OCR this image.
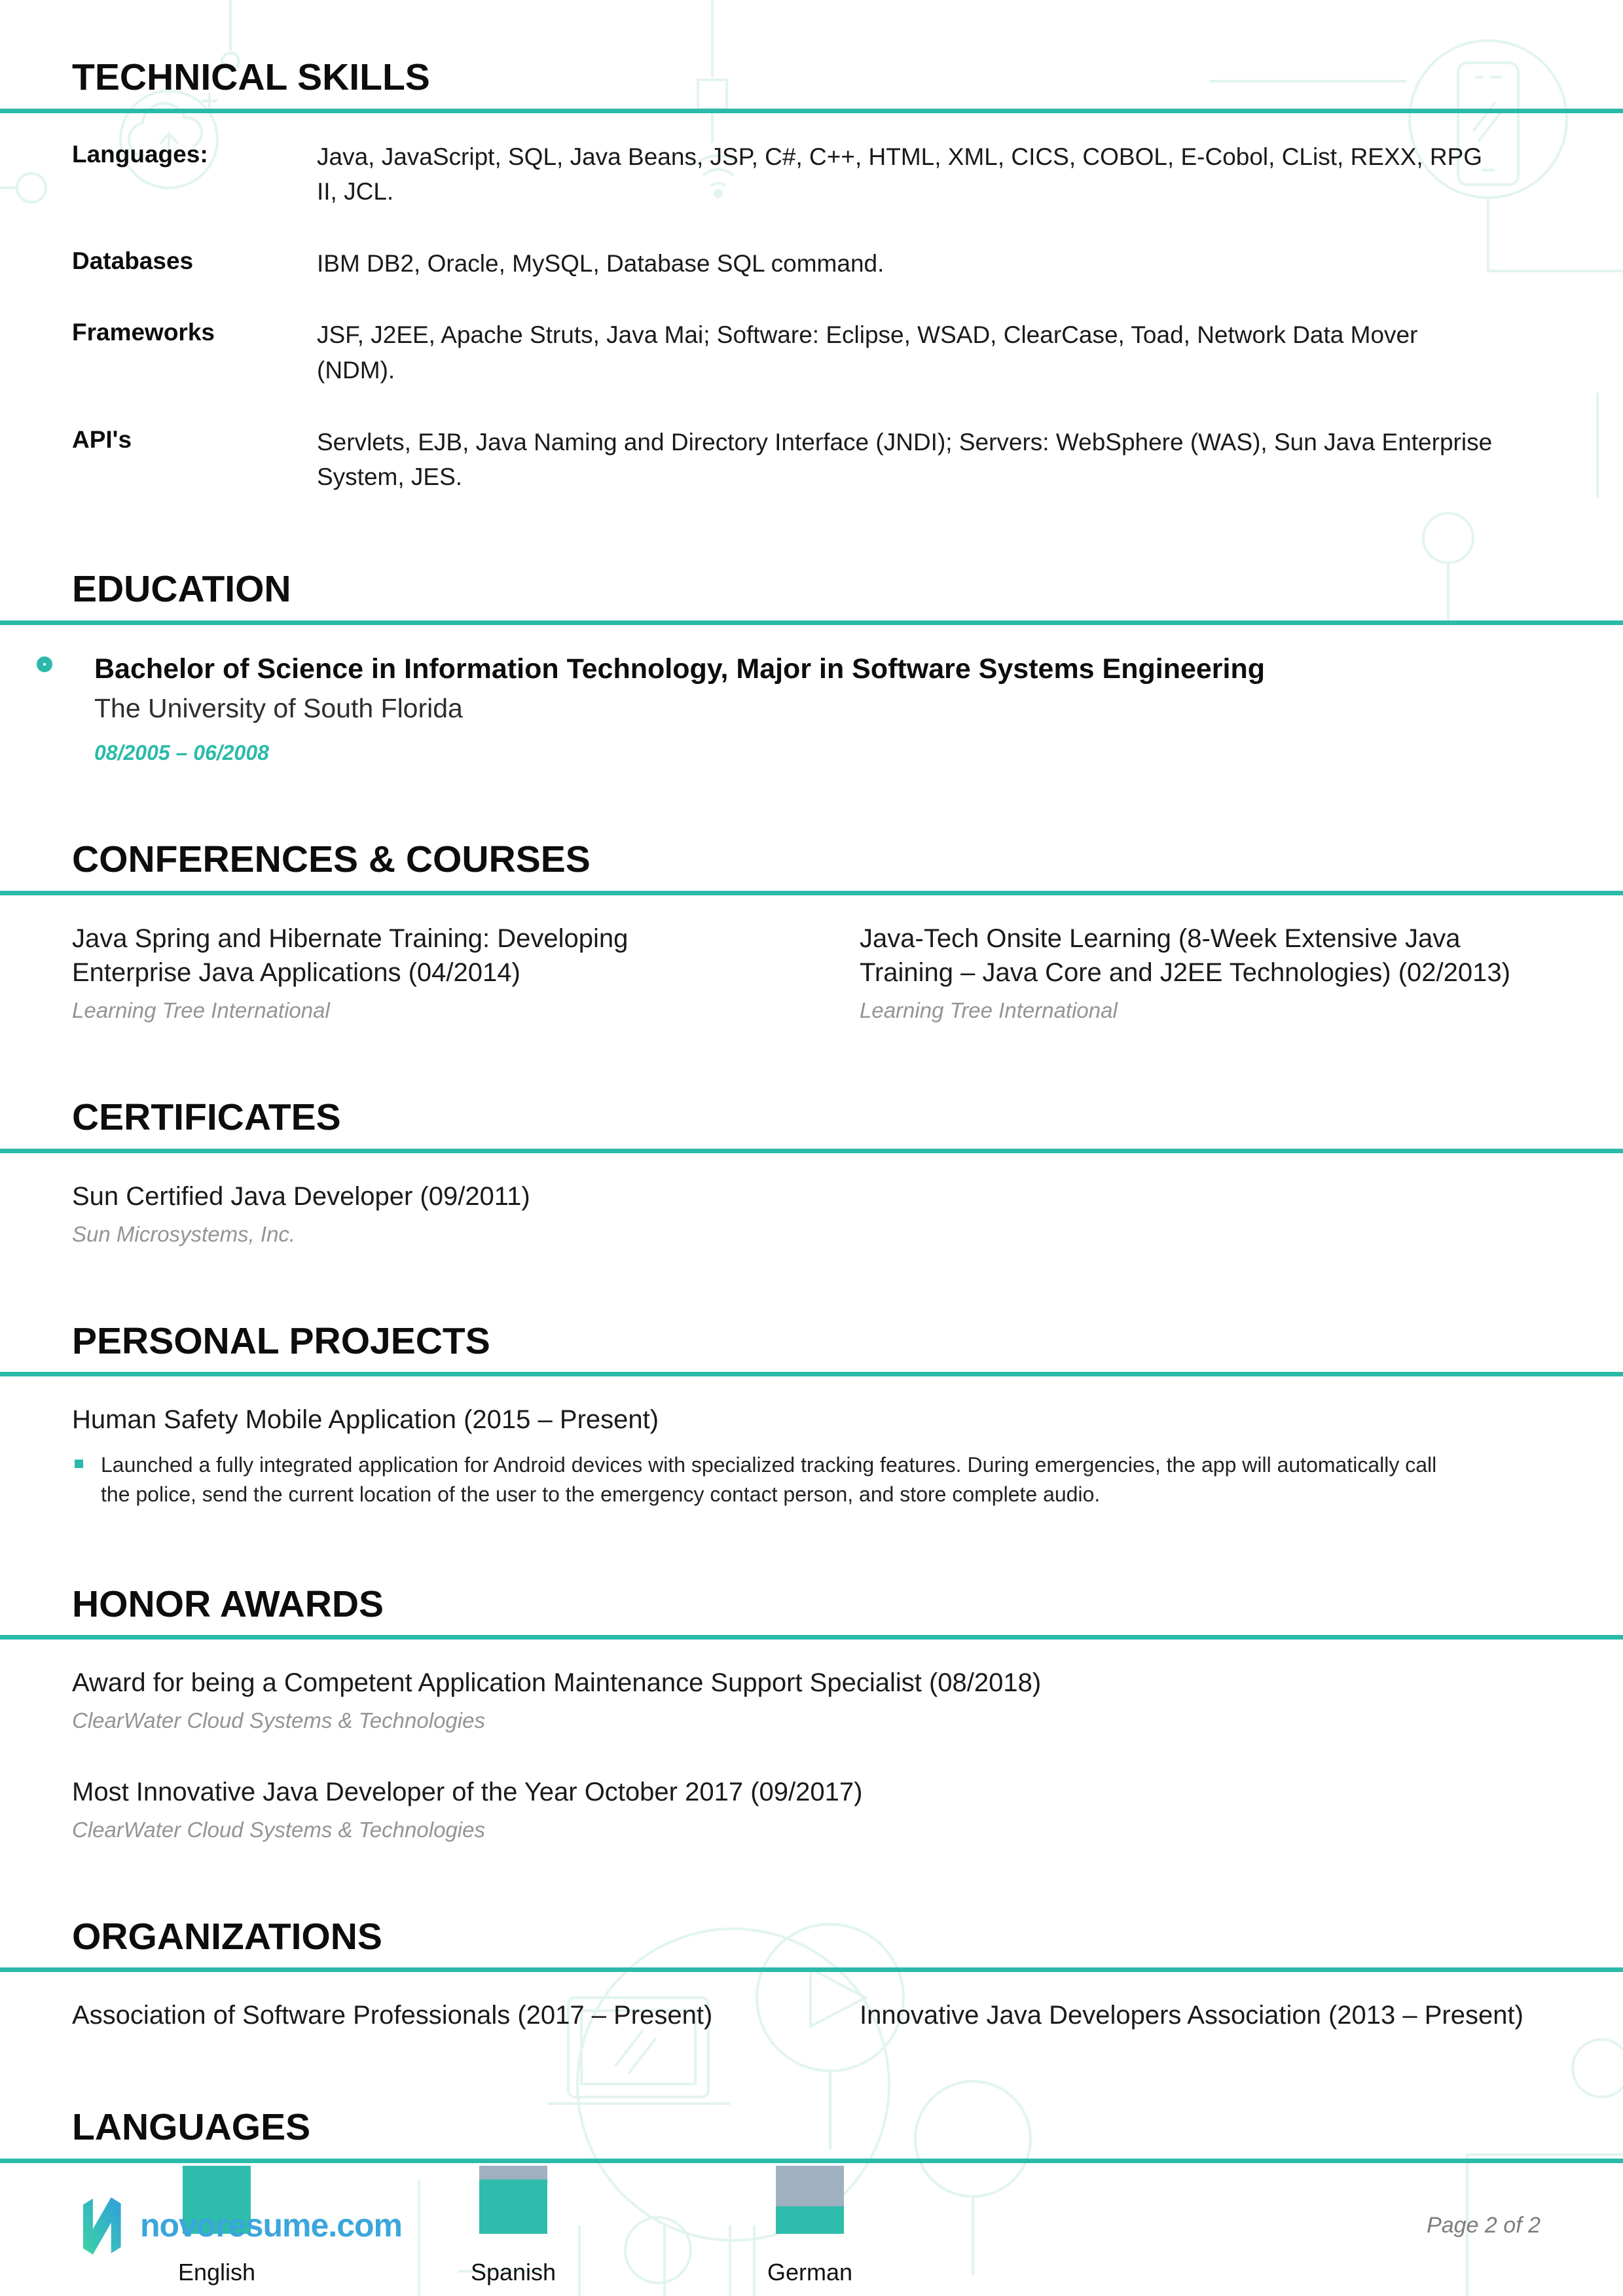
TECHNICAL SKILLS
Languages:	Java, JavaScript, SQL, Java Beans, JSP, C#, C++, HTML, XML, CICS, COBOL, E-Cobol, CList, REXX, RPG II, JCL.
Databases	IBM DB2, Oracle, MySQL, Database SQL command.
Frameworks	JSF, J2EE, Apache Struts, Java Mai; Software: Eclipse, WSAD, ClearCase, Toad, Network Data Mover (NDM).
API's	Servlets, EJB, Java Naming and Directory Interface (JNDI); Servers: WebSphere (WAS), Sun Java Enterprise System, JES.
EDUCATION
Bachelor of Science in Information Technology, Major in Software Systems Engineering
The University of South Florida
08/2005 – 06/2008
CONFERENCES & COURSES
Java Spring and Hibernate Training: Developing Enterprise Java Applications (04/2014)
Learning Tree International
Java-Tech Onsite Learning (8-Week Extensive Java Training – Java Core and J2EE Technologies) (02/2013)
Learning Tree International
CERTIFICATES
Sun Certified Java Developer (09/2011)
Sun Microsystems, Inc.
PERSONAL PROJECTS
Human Safety Mobile Application (2015 – Present)
Launched a fully integrated application for Android devices with specialized tracking features. During emergencies, the app will automatically call the police, send the current location of the user to the emergency contact person, and store complete audio.
HONOR AWARDS
Award for being a Competent Application Maintenance Support Specialist (08/2018)
ClearWater Cloud Systems & Technologies
Most Innovative Java Developer of the Year October 2017 (09/2017)
ClearWater Cloud Systems & Technologies
ORGANIZATIONS
Association of Software Professionals (2017 – Present)	Innovative Java Developers Association (2013 – Present)
LANGUAGES
English	Spanish	German
novoresume.com	Page 2 of 2
